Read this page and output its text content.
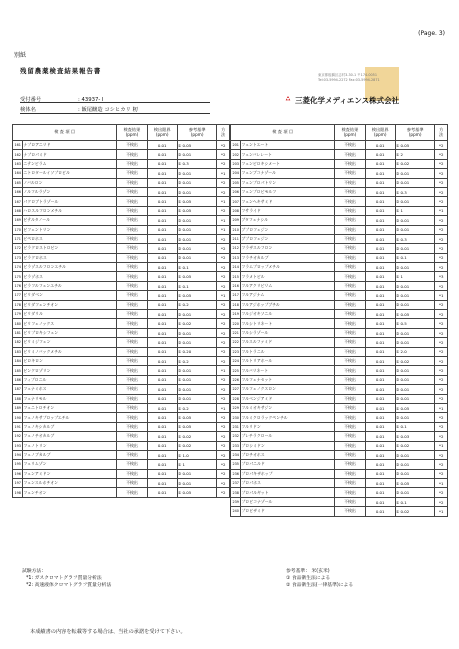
(Page. 3)
別紙
残留農薬検査結果報告書
受付番号	: 43937- I
検体名	: 飯尾醸造 コシヒカリ 籾
東京都板橋区志村3-30-1 〒174-0051
Tel:03-5994-2272 Fax:03-5994-2871
三菱化学メディエンス株式会社
検 査 項 目		検査結果
(ppm)	検出限界
(ppm)	参考基準
(ppm)	方
法
161	ナプロアニリド	不検出	0.01	① 0.05	*2
162	ナプロパミド	不検出	0.01	② 0.01	*2
163	ニテンピラム	不検出	0.01	① 0.3	*2
164	ニトロタールイソプロピル	不検出	0.01	② 0.01	*1
165	ノバルロン	不検出	0.01	② 0.01	*2
166	ノルフルラゾン	不検出	0.01	② 0.01	*2
167	パクロブトラゾール	不検出	0.01	① 0.05	*1
168	ハロスルフロンメチル	不検出	0.01	① 0.05	*2
169	ビテルタノール	不検出	0.01	② 0.01	*1
170	ビフェントリン	不検出	0.01	② 0.01	*1
171	ピペロホス	不検出	0.01	② 0.01	*2
172	ピラクロストロビン	不検出	0.01	② 0.01	*2
173	ピラクロホス	不検出	0.01	② 0.01	*2
174	ピラゾスルフロンエチル	不検出	0.01	① 0.1	*2
175	ピラゾホス	不検出	0.01	① 0.05	*2
176	ピラフルフェンエチル	不検出	0.01	① 0.1	*2
177	ピリダベン	不検出	0.01	① 0.05	*1
178	ピリダフェンチオン	不検出	0.01	① 0.2	*2
179	ピリダリル	不検出	0.01	② 0.01	*2
180	ピリフェノックス	不検出	0.01	① 0.02	*2
181	ピリプロキシフェン	不検出	0.01	② 0.01	*2
182	ピリミジフェン	不検出	0.01	② 0.01	*2
183	ピリミノバックメチル	不検出	0.01	① 0.20	*2
184	ピロキロン	不検出	0.01	① 0.2	*2
185	ビンクロゾリン	不検出	0.01	② 0.01	*1
186	フィプロニル	不検出	0.01	① 0.01	*2
187	フェナミホス	不検出	0.01	② 0.01	*2
188	フェナリモル	不検出	0.01	② 0.01	*2
189	フェニトロチオン	不検出	0.01	① 0.2	*1
190	フェノキサプロップエチル	不検出	0.01	① 0.05	*2
191	フェノキシカルブ	不検出	0.01	① 0.05	*2
192	フェノチオカルブ	不検出	0.01	① 0.02	*2
193	フェノトリン	不検出	0.01	① 0.02	*2
194	フェノブカルブ	不検出	0.01	① 1.0	*2
195	フェリムゾン	不検出	0.01	① 1	*2
196	フェンアミドン	不検出	0.01	② 0.01	*2
197	フェンスルホチオン	不検出	0.01	② 0.01	*2
198	フェンチオン	不検出	0.01	① 0.05	*2
検 査 項 目		検査結果
(ppm)	検出限界
(ppm)	参考基準
(ppm)	方
法
201	フェントエート	不検出	0.01	① 0.05	*2
202	フェンバレレート	不検出	0.01	① 2	*2
203	フェンピロキシメート	不検出	0.01	① 0.02	*2
204	フェンブコナゾール	不検出	0.01	② 0.01	*2
205	フェンプロパトリン	不検出	0.01	② 0.01	*2
206	フェンプロピモルフ	不検出	0.01	① 0.3	*2
207	フェンヘキサミド	不検出	0.01	② 0.01	*2
208	フサライド	不検出	0.01	① 1	*1
209	ブタフェナシル	不検出	0.01	② 0.01	*2
210	ブプロフェジン	不検出	0.01	② 0.01	*2
211	ブプロフェジン	不検出	0.01	① 0.3	*2
212	フラザスルフロン	不検出	0.01	② 0.01	*2
213	フラチオカルブ	不検出	0.01	① 0.1	*2
214	フラムプロップメチル	不検出	0.01	② 0.01	*2
215	フラメトピル	不検出	0.01	① 1	*3
216	フルアクリピリム	不検出	0.01	② 0.01	*2
217	フルアジナム	不検出	0.01	② 0.01	*1
218	フルアジホップブチル	不検出	0.01	② 0.01	*2
219	フルジオキソニル	不検出	0.01	① 0.05	*2
220	フルシトリネート	不検出	0.01	① 0.5	*2
221	フルシラゾール	不検出	0.01	② 0.01	*2
222	フルスルファミド	不検出	0.01	② 0.01	*2
223	フルトラニル	不検出	0.01	① 2.0	*2
224	フルトリアホール	不検出	0.01	① 0.02	*2
225	フルバリネート	不検出	0.01	② 0.01	*2
226	フルフェナセット	不検出	0.01	② 0.01	*2
227	フルフェノクスロン	不検出	0.01	② 0.01	*2
228	フルベンジアミド	不検出	0.01	② 0.01	*2
229	フルミオキサジン	不検出	0.01	① 0.05	*1
230	フルミクロラックペンチル	不検出	0.01	② 0.01	*2
231	フルリドン	不検出	0.01	① 0.1	*2
232	プレチラクロール	不検出	0.01	① 0.03	*2
233	プロシミドン	不検出	0.01	① 0.02	*1
234	プロチオホス	不検出	0.01	② 0.01	*2
235	プロパニルド	不検出	0.01	② 0.01	*2
236	プロパキザホップ	不検出	0.01	② 0.01	*2
237	プロパホス	不検出	0.01	① 0.05	*1
238	プロパルギット	不検出	0.01	② 0.01	*2
239	プロピコナゾール	不検出	0.01	① 0.1	*2
240	プロピザミド	不検出	0.01	① 0.02	*1
試験方法：
*1: ガスクロマトグラフ質量分析法
*2: 高速液体クロマトグラフ質量分析法
参考基準： 米(玄米)
① 食品衛生法による
② 食品衛生法(一律基準)による
本成績書の内容を転載等する場合は、当社の承諾を受けて下さい。
